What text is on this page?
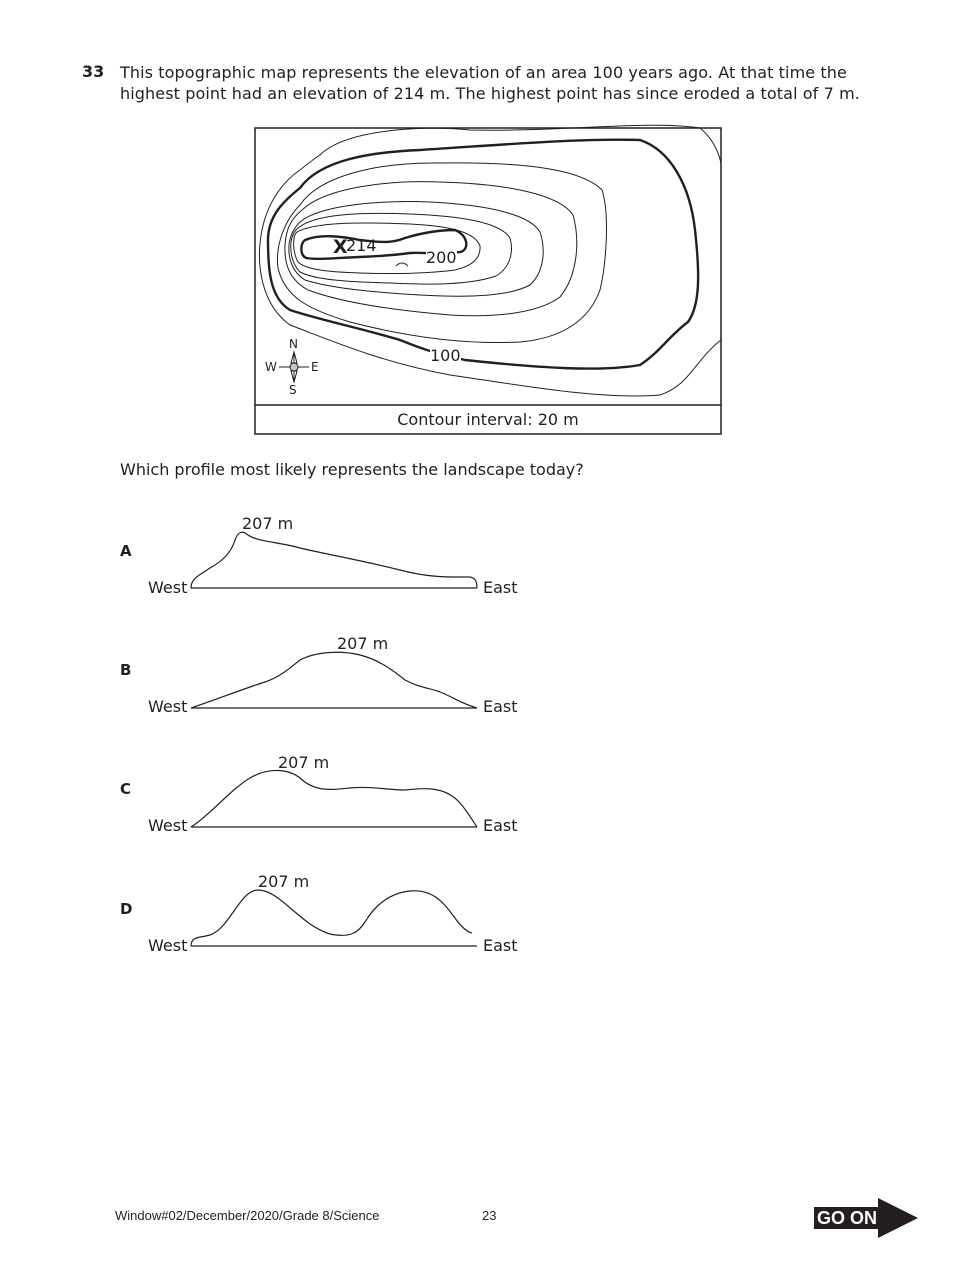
33 This topographic map represents the elevation of an area 100 years ago. At that time the
highest point had an elevation of 214 m. The highest point has since eroded a total of 7 m.
X
214
200
100
N
S
E
W
Contour interval: 20 m
Which profile most likely represents the landscape today?
A
207 m
West	East
B
207 m
West	East
C
207 m
West	East
D
207 m
West	East
Window#02/December/2020/Grade 8/Science	23	GO ON
